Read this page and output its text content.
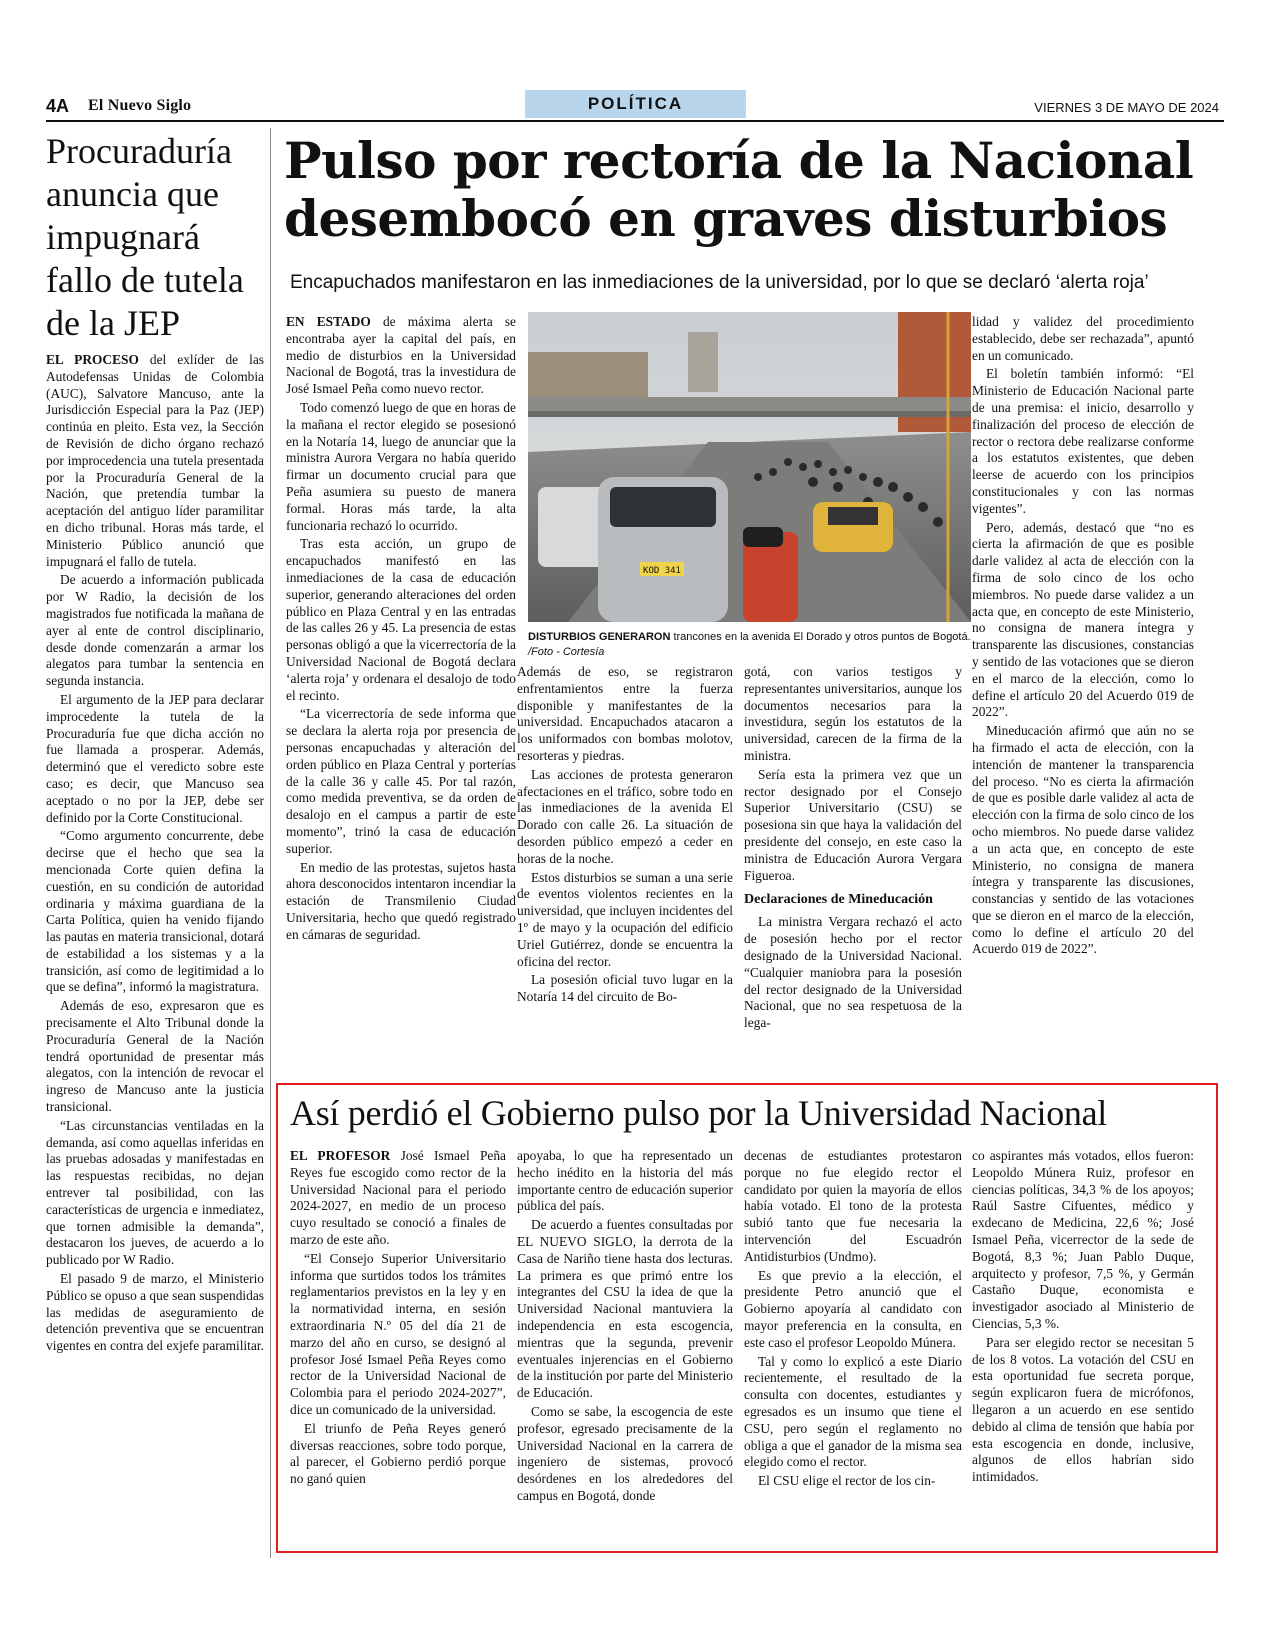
4A El Nuevo Siglo	POLÍTICA	VIERNES 3 DE MAYO DE 2024
Procuraduría anuncia que impugnará fallo de tutela de la JEP

EL PROCESO del exlíder de las Autodefensas Unidas de Colombia (AUC), Salvatore Mancuso, ante la Jurisdicción Especial para la Paz (JEP) continúa en pleito. Esta vez, la Sección de Revisión de dicho órgano rechazó por improcedencia una tutela presentada por la Procuraduría General de la Nación, que pretendía tumbar la aceptación del antiguo líder paramilitar en dicho tribunal. Horas más tarde, el Ministerio Público anunció que impugnará el fallo de tutela.

De acuerdo a información publicada por W Radio, la decisión de los magistrados fue notificada la mañana de ayer al ente de control disciplinario, desde donde comenzarán a armar los alegatos para tumbar la sentencia en segunda instancia.

El argumento de la JEP para declarar improcedente la tutela de la Procuraduría fue que dicha acción no fue llamada a prosperar. Además, determinó que el veredicto sobre este caso; es decir, que Mancuso sea aceptado o no por la JEP, debe ser definido por la Corte Constitucional.

“Como argumento concurrente, debe decirse que el hecho que sea la mencionada Corte quien defina la cuestión, en su condición de autoridad ordinaria y máxima guardiana de la Carta Política, quien ha venido fijando las pautas en materia transicional, dotará de estabilidad a los sistemas y a la transición, así como de legitimidad a lo que se defina”, informó la magistratura.

Además de eso, expresaron que es precisamente el Alto Tribunal donde la Procuraduría General de la Nación tendrá oportunidad de presentar más alegatos, con la intención de revocar el ingreso de Mancuso ante la justicia transicional.

“Las circunstancias ventiladas en la demanda, así como aquellas inferidas en las pruebas adosadas y manifestadas en las respuestas recibidas, no dejan entrever tal posibilidad, con las características de urgencia e inmediatez, que tornen admisible la demanda”, destacaron los jueves, de acuerdo a lo publicado por W Radio.

El pasado 9 de marzo, el Ministerio Público se opuso a que sean suspendidas las medidas de aseguramiento de detención preventiva que se encuentran vigentes en contra del exjefe paramilitar.

Pulso por rectoría de la Nacional desembocó en graves disturbios
Encapuchados manifestaron en las inmediaciones de la universidad, por lo que se declaró ‘alerta roja’

EN ESTADO de máxima alerta se encontraba ayer la capital del país, en medio de disturbios en la Universidad Nacional de Bogotá, tras la investidura de José Ismael Peña como nuevo rector.

Todo comenzó luego de que en horas de la mañana el rector elegido se posesionó en la Notaría 14, luego de anunciar que la ministra Aurora Vergara no había querido firmar un documento crucial para que Peña asumiera su puesto de manera formal. Horas más tarde, la alta funcionaria rechazó lo ocurrido.

Tras esta acción, un grupo de encapuchados manifestó en las inmediaciones de la casa de educación superior, generando alteraciones del orden público en Plaza Central y en las entradas de las calles 26 y 45. La presencia de estas personas obligó a que la vicerrectoría de la Universidad Nacional de Bogotá declara ‘alerta roja’ y ordenara el desalojo de todo el recinto.

“La vicerrectoría de sede informa que se declara la alerta roja por presencia de personas encapuchadas y alteración del orden público en Plaza Central y porterías de la calle 36 y calle 45. Por tal razón, como medida preventiva, se da orden de desalojo en el campus a partir de este momento”, trinó la casa de educación superior.

En medio de las protestas, sujetos hasta ahora desconocidos intentaron incendiar la estación de Transmilenio Ciudad Universitaria, hecho que quedó registrado en cámaras de seguridad.

KOD 341
DISTURBIOS GENERARON trancones en la avenida El Dorado y otros puntos de Bogotá. /Foto - Cortesía

Además de eso, se registraron enfrentamientos entre la fuerza disponible y manifestantes de la universidad. Encapuchados atacaron a los uniformados con bombas molotov, resorteras y piedras.

Las acciones de protesta generaron afectaciones en el tráfico, sobre todo en las inmediaciones de la avenida El Dorado con calle 26. La situación de desorden público empezó a ceder en horas de la noche.

Estos disturbios se suman a una serie de eventos violentos recientes en la universidad, que incluyen incidentes del 1º de mayo y la ocupación del edificio Uriel Gutiérrez, donde se encuentra la oficina del rector.

La posesión oficial tuvo lugar en la Notaría 14 del circuito de Bo-

gotá, con varios testigos y representantes universitarios, aunque los documentos necesarios para la investidura, según los estatutos de la universidad, carecen de la firma de la ministra.

Sería esta la primera vez que un rector designado por el Consejo Superior Universitario (CSU) se posesiona sin que haya la validación del presidente del consejo, en este caso la ministra de Educación Aurora Vergara Figueroa.

Declaraciones de Mineducación

La ministra Vergara rechazó el acto de posesión hecho por el rector designado de la Universidad Nacional. “Cualquier maniobra para la posesión del rector designado de la Universidad Nacional, que no sea respetuosa de la lega-

lidad y validez del procedimiento establecido, debe ser rechazada”, apuntó en un comunicado.

El boletín también informó: “El Ministerio de Educación Nacional parte de una premisa: el inicio, desarrollo y finalización del proceso de elección de rector o rectora debe realizarse conforme a los estatutos existentes, que deben leerse de acuerdo con los principios constitucionales y con las normas vigentes”.

Pero, además, destacó que “no es cierta la afirmación de que es posible darle validez al acta de elección con la firma de solo cinco de los ocho miembros. No puede darse validez a un acta que, en concepto de este Ministerio, no consigna de manera íntegra y transparente las discusiones, constancias y sentido de las votaciones que se dieron en el marco de la elección, como lo define el artículo 20 del Acuerdo 019 de 2022”.

Mineducación afirmó que aún no se ha firmado el acta de elección, con la intención de mantener la transparencia del proceso. “No es cierta la afirmación de que es posible darle validez al acta de elección con la firma de solo cinco de los ocho miembros. No puede darse validez a un acta que, en concepto de este Ministerio, no consigna de manera íntegra y transparente las discusiones, constancias y sentido de las votaciones que se dieron en el marco de la elección, como lo define el artículo 20 del Acuerdo 019 de 2022”.

Así perdió el Gobierno pulso por la Universidad Nacional

EL PROFESOR José Ismael Peña Reyes fue escogido como rector de la Universidad Nacional para el periodo 2024-2027, en medio de un proceso cuyo resultado se conoció a finales de marzo de este año.

“El Consejo Superior Universitario informa que surtidos todos los trámites reglamentarios previstos en la ley y en la normatividad interna, en sesión extraordinaria N.º 05 del día 21 de marzo del año en curso, se designó al profesor José Ismael Peña Reyes como rector de la Universidad Nacional de Colombia para el periodo 2024-2027”, dice un comunicado de la universidad.

El triunfo de Peña Reyes generó diversas reacciones, sobre todo porque, al parecer, el Gobierno perdió porque no ganó quien

apoyaba, lo que ha representado un hecho inédito en la historia del más importante centro de educación superior pública del país.

De acuerdo a fuentes consultadas por EL NUEVO SIGLO, la derrota de la Casa de Nariño tiene hasta dos lecturas. La primera es que primó entre los integrantes del CSU la idea de que la Universidad Nacional mantuviera la independencia en esta escogencia, mientras que la segunda, prevenir eventuales injerencias en el Gobierno de la institución por parte del Ministerio de Educación.

Como se sabe, la escogencia de este profesor, egresado precisamente de la Universidad Nacional en la carrera de ingeniero de sistemas, provocó desórdenes en los alrededores del campus en Bogotá, donde

decenas de estudiantes protestaron porque no fue elegido rector el candidato por quien la mayoría de ellos había votado. El tono de la protesta subió tanto que fue necesaria la intervención del Escuadrón Antidisturbios (Undmo).

Es que previo a la elección, el presidente Petro anunció que el Gobierno apoyaría al candidato con mayor preferencia en la consulta, en este caso el profesor Leopoldo Múnera.

Tal y como lo explicó a este Diario recientemente, el resultado de la consulta con docentes, estudiantes y egresados es un insumo que tiene el CSU, pero según el reglamento no obliga a que el ganador de la misma sea elegido como el rector.

El CSU elige el rector de los cin-

co aspirantes más votados, ellos fueron: Leopoldo Múnera Ruiz, profesor en ciencias políticas, 34,3 % de los apoyos; Raúl Sastre Cifuentes, médico y exdecano de Medicina, 22,6 %; José Ismael Peña, vicerrector de la sede de Bogotá, 8,3 %; Juan Pablo Duque, arquitecto y profesor, 7,5 %, y Germán Castaño Duque, economista e investigador asociado al Ministerio de Ciencias, 5,3 %.

Para ser elegido rector se necesitan 5 de los 8 votos. La votación del CSU en esta oportunidad fue secreta porque, según explicaron fuera de micrófonos, llegaron a un acuerdo en ese sentido debido al clima de tensión que había por esta escogencia en donde, inclusive, algunos de ellos habrían sido intimidados.
